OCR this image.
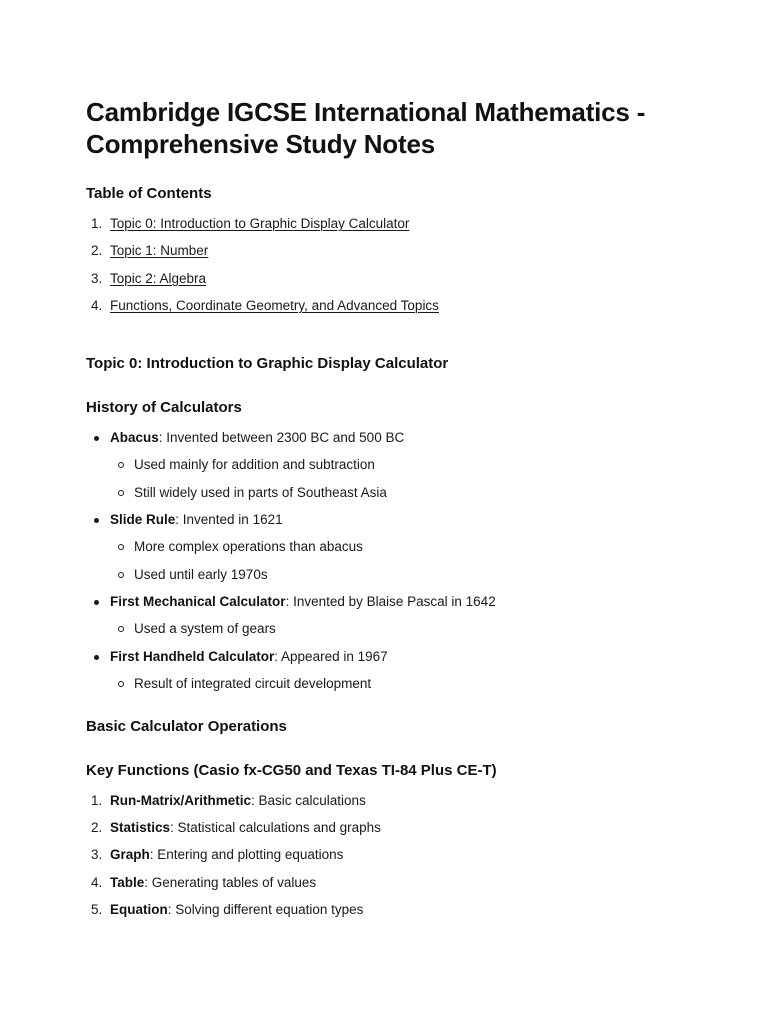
Cambridge IGCSE International Mathematics - Comprehensive Study Notes
Table of Contents
1. Topic 0: Introduction to Graphic Display Calculator
2. Topic 1: Number
3. Topic 2: Algebra
4. Functions, Coordinate Geometry, and Advanced Topics
Topic 0: Introduction to Graphic Display Calculator
History of Calculators
Abacus: Invented between 2300 BC and 500 BC
Used mainly for addition and subtraction
Still widely used in parts of Southeast Asia
Slide Rule: Invented in 1621
More complex operations than abacus
Used until early 1970s
First Mechanical Calculator: Invented by Blaise Pascal in 1642
Used a system of gears
First Handheld Calculator: Appeared in 1967
Result of integrated circuit development
Basic Calculator Operations
Key Functions (Casio fx-CG50 and Texas TI-84 Plus CE-T)
1. Run-Matrix/Arithmetic: Basic calculations
2. Statistics: Statistical calculations and graphs
3. Graph: Entering and plotting equations
4. Table: Generating tables of values
5. Equation: Solving different equation types
